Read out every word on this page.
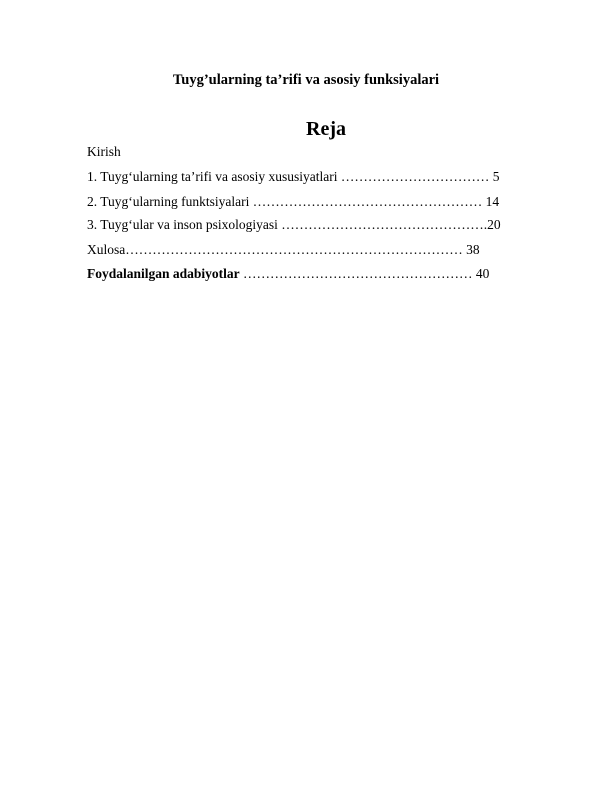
Tuyg’ularning ta’rifi va asosiy funksiyalari
Reja
Kirish
1. Tuyg‘ularning ta’rifi va asosiy xususiyatlari …………………………… 5
2. Tuyg‘ularning funktsiyalari …………………………………………… 14
3. Tuyg‘ular va inson psixologiyasi ……………………………………….20
Xulosa………………………………………………………………… 38
Foydalanilgan adabiyotlar …………………………………………… 40
